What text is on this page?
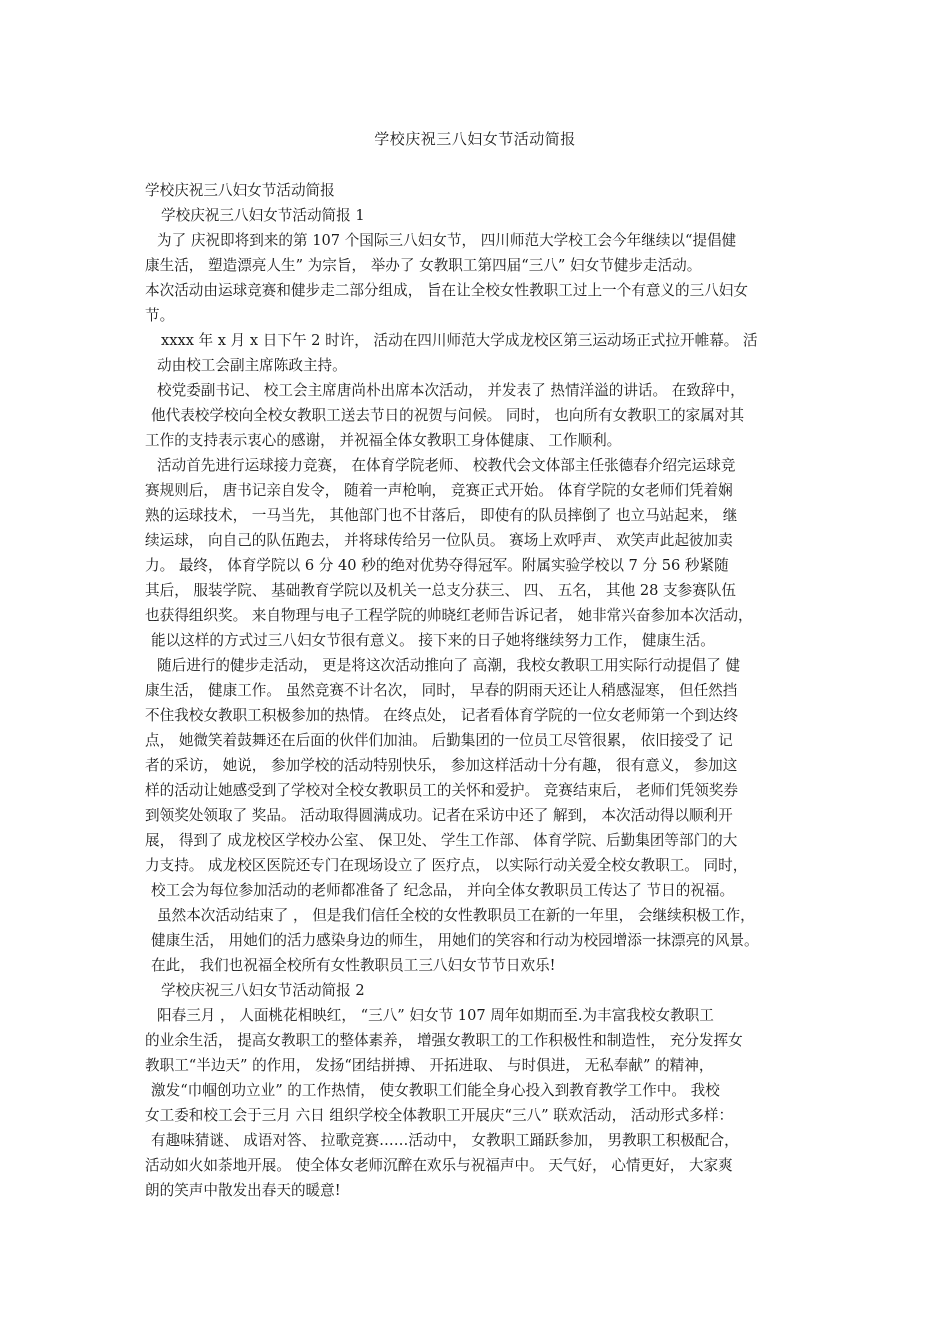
学校庆祝三八妇女节活动简报
学校庆祝三八妇女节活动简报
学校庆祝三八妇女节活动简报 1
为了 庆祝即将到来的第 107 个国际三八妇女节， 四川师范大学校工会今年继续以“提倡健
康生活， 塑造漂亮人生” 为宗旨， 举办了 女教职工第四届“三八” 妇女节健步走活动。
本次活动由运球竞赛和健步走二部分组成， 旨在让全校女性教职工过上一个有意义的三八妇女
节。
xxxx 年 x 月 x 日下午 2 时许， 活动在四川师范大学成龙校区第三运动场正式拉开帷幕。 活
动由校工会副主席陈政主持。
校党委副书记、 校工会主席唐尚朴出席本次活动， 并发表了 热情洋溢的讲话。 在致辞中，
他代表校学校向全校女教职工送去节日的祝贺与问候。 同时， 也向所有女教职工的家属对其
工作的支持表示衷心的感谢， 并祝福全体女教职工身体健康、 工作顺利。
活动首先进行运球接力竞赛， 在体育学院老师、 校教代会文体部主任张德春介绍完运球竞
赛规则后， 唐书记亲自发令， 随着一声枪响， 竞赛正式开始。 体育学院的女老师们凭着娴
熟的运球技术， 一马当先， 其他部门也不甘落后， 即使有的队员摔倒了 也立马站起来， 继
续运球， 向自己的队伍跑去， 并将球传给另一位队员。 赛场上欢呼声、 欢笑声此起彼加卖
力。 最终， 体育学院以 6 分 40 秒的绝对优势夺得冠军。附属实验学校以 7 分 56 秒紧随
其后， 服装学院、 基础教育学院以及机关一总支分获三、 四、 五名， 其他 28 支参赛队伍
也获得组织奖。 来自物理与电子工程学院的帅晓红老师告诉记者， 她非常兴奋参加本次活动，
能以这样的方式过三八妇女节很有意义。 接下来的日子她将继续努力工作， 健康生活。
随后进行的健步走活动， 更是将这次活动推向了 高潮，我校女教职工用实际行动提倡了 健
康生活， 健康工作。 虽然竞赛不计名次， 同时， 早春的阴雨天还让人稍感湿寒， 但任然挡
不住我校女教职工积极参加的热情。 在终点处， 记者看体育学院的一位女老师第一个到达终
点， 她微笑着鼓舞还在后面的伙伴们加油。 后勤集团的一位员工尽管很累， 依旧接受了 记
者的采访， 她说， 参加学校的活动特别快乐， 参加这样活动十分有趣， 很有意义， 参加这
样的活动让她感受到了学校对全校女教职员工的关怀和爱护。 竞赛结束后， 老师们凭领奖券
到领奖处领取了 奖品。 活动取得圆满成功。记者在采访中还了 解到， 本次活动得以顺利开
展， 得到了 成龙校区学校办公室、 保卫处、 学生工作部、 体育学院、后勤集团等部门的大
力支持。 成龙校区医院还专门在现场设立了 医疗点， 以实际行动关爱全校女教职工。 同时，
校工会为每位参加活动的老师都准备了 纪念品， 并向全体女教职员工传达了 节日的祝福。
虽然本次活动结束了 ， 但是我们信任全校的女性教职员工在新的一年里， 会继续积极工作，
健康生活， 用她们的活力感染身边的师生， 用她们的笑容和行动为校园增添一抹漂亮的风景。
在此， 我们也祝福全校所有女性教职员工三八妇女节节日欢乐!
学校庆祝三八妇女节活动简报 2
阳春三月 ， 人面桃花相映红， “三八” 妇女节 107 周年如期而至.为丰富我校女教职工
的业余生活， 提高女教职工的整体素养， 增强女教职工的工作积极性和制造性， 充分发挥女
教职工“半边天” 的作用， 发扬“团结拼搏、 开拓进取、 与时俱进， 无私奉献” 的精神，
激发“巾帼创功立业” 的工作热情， 使女教职工们能全身心投入到教育教学工作中。 我校
女工委和校工会于三月 六日 组织学校全体教职工开展庆“三八” 联欢活动， 活动形式多样：
有趣味猜谜、 成语对答、 拉歌竞赛……活动中， 女教职工踊跃参加， 男教职工积极配合，
活动如火如荼地开展。 使全体女老师沉醉在欢乐与祝福声中。 天气好， 心情更好， 大家爽
朗的笑声中散发出春天的暖意!
